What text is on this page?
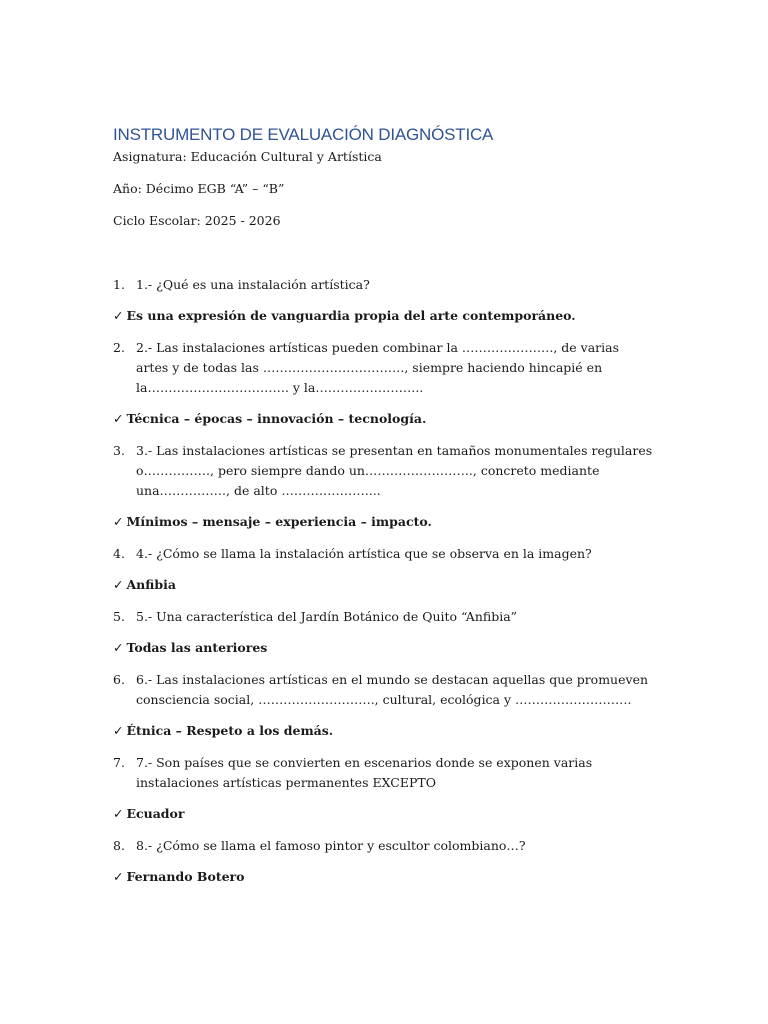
INSTRUMENTO DE EVALUACIÓN DIAGNÓSTICA

Asignatura: Educación Cultural y Artística

Año: Décimo EGB “A” – “B”

Ciclo Escolar: 2025 - 2026

1. 1.- ¿Qué es una instalación artística?

✓ Es una expresión de vanguardia propia del arte contemporáneo.

2. 2.- Las instalaciones artísticas pueden combinar la …………………., de varias artes y de todas las ……………………………., siempre haciendo hincapié en la……………………………. y la……………………..

✓ Técnica – épocas – innovación – tecnología.

3. 3.- Las instalaciones artísticas se presentan en tamaños monumentales regulares o……………., pero siempre dando un…………………….., concreto mediante una……………., de alto …………………...

✓ Mínimos – mensaje – experiencia – impacto.

4. 4.- ¿Cómo se llama la instalación artística que se observa en la imagen?

✓ Anfibia

5. 5.- Una característica del Jardín Botánico de Quito “Anfibia”

✓ Todas las anteriores

6. 6.- Las instalaciones artísticas en el mundo se destacan aquellas que promueven consciencia social, ………………………., cultural, ecológica y ……………………….

✓ Étnica – Respeto a los demás.

7. 7.- Son países que se convierten en escenarios donde se exponen varias instalaciones artísticas permanentes EXCEPTO

✓ Ecuador

8. 8.- ¿Cómo se llama el famoso pintor y escultor colombiano…?

✓ Fernando Botero
